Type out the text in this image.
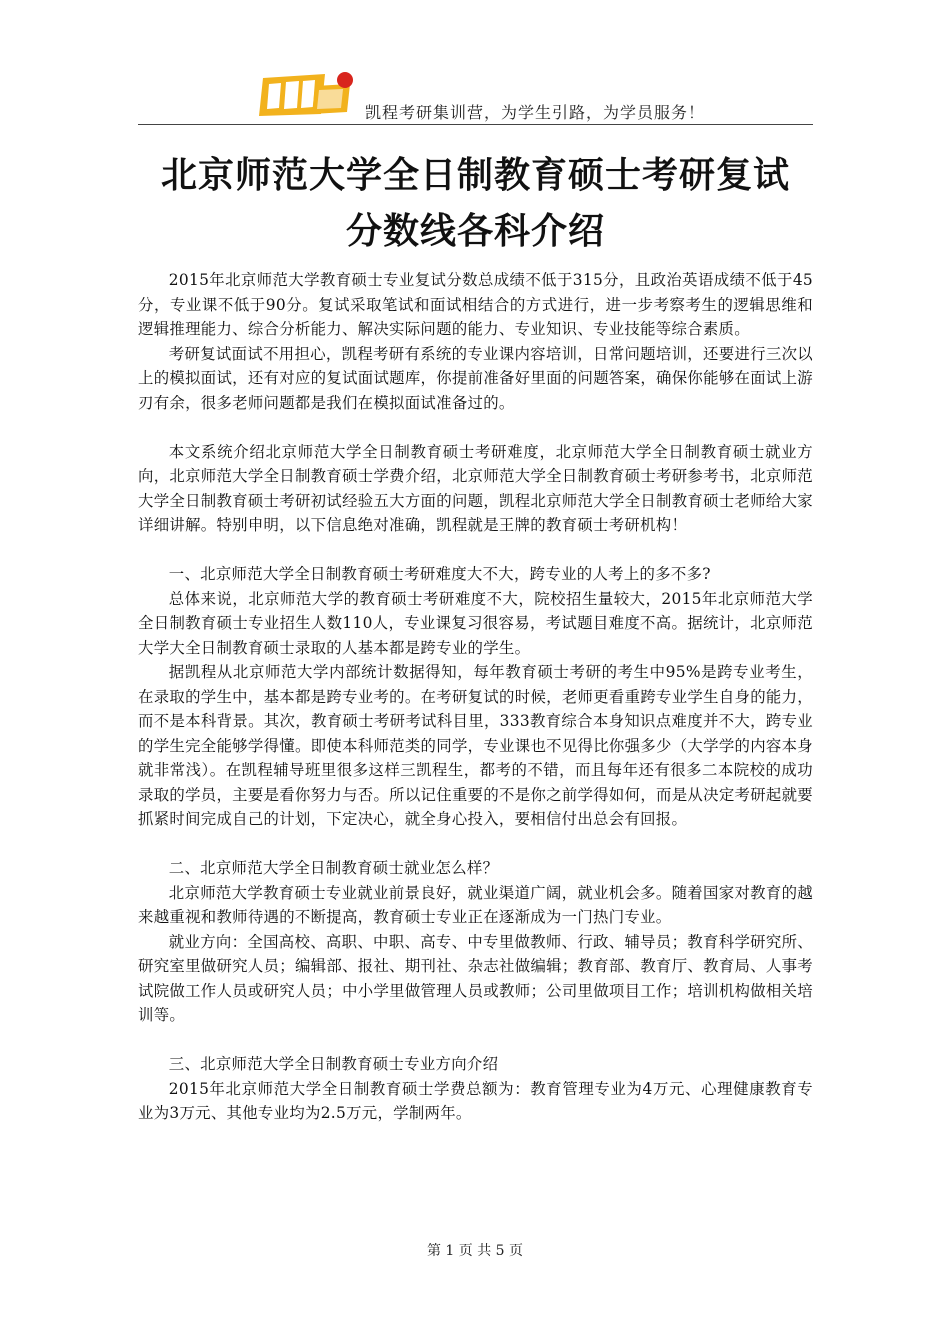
凯程考研集训营，为学生引路，为学员服务！
北京师范大学全日制教育硕士考研复试
分数线各科介绍

2015年北京师范大学教育硕士专业复试分数总成绩不低于315分，且政治英语成绩不低于45分，专业课不低于90分。复试采取笔试和面试相结合的方式进行，进一步考察考生的逻辑思维和逻辑推理能力、综合分析能力、解决实际问题的能力、专业知识、专业技能等综合素质。

考研复试面试不用担心，凯程考研有系统的专业课内容培训，日常问题培训，还要进行三次以上的模拟面试，还有对应的复试面试题库，你提前准备好里面的问题答案，确保你能够在面试上游刃有余，很多老师问题都是我们在模拟面试准备过的。

本文系统介绍北京师范大学全日制教育硕士考研难度，北京师范大学全日制教育硕士就业方向，北京师范大学全日制教育硕士学费介绍，北京师范大学全日制教育硕士考研参考书，北京师范大学全日制教育硕士考研初试经验五大方面的问题，凯程北京师范大学全日制教育硕士老师给大家详细讲解。特别申明，以下信息绝对准确，凯程就是王牌的教育硕士考研机构！

一、北京师范大学全日制教育硕士考研难度大不大，跨专业的人考上的多不多?

总体来说，北京师范大学的教育硕士考研难度不大，院校招生量较大，2015年北京师范大学全日制教育硕士专业招生人数110人，专业课复习很容易，考试题目难度不高。据统计，北京师范大学大全日制教育硕士录取的人基本都是跨专业的学生。

据凯程从北京师范大学内部统计数据得知，每年教育硕士考研的考生中95%是跨专业考生，在录取的学生中，基本都是跨专业考的。在考研复试的时候，老师更看重跨专业学生自身的能力，而不是本科背景。其次，教育硕士考研考试科目里，333教育综合本身知识点难度并不大，跨专业的学生完全能够学得懂。即使本科师范类的同学，专业课也不见得比你强多少（大学学的内容本身就非常浅）。在凯程辅导班里很多这样三凯程生，都考的不错，而且每年还有很多二本院校的成功录取的学员，主要是看你努力与否。所以记住重要的不是你之前学得如何，而是从决定考研起就要抓紧时间完成自己的计划，下定决心，就全身心投入，要相信付出总会有回报。

二、北京师范大学全日制教育硕士就业怎么样？

北京师范大学教育硕士专业就业前景良好，就业渠道广阔，就业机会多。随着国家对教育的越来越重视和教师待遇的不断提高，教育硕士专业正在逐渐成为一门热门专业。

就业方向：全国高校、高职、中职、高专、中专里做教师、行政、辅导员；教育科学研究所、研究室里做研究人员；编辑部、报社、期刊社、杂志社做编辑；教育部、教育厅、教育局、人事考试院做工作人员或研究人员；中小学里做管理人员或教师；公司里做项目工作；培训机构做相关培训等。

三、北京师范大学全日制教育硕士专业方向介绍

2015年北京师范大学全日制教育硕士学费总额为：教育管理专业为4万元、心理健康教育专业为3万元、其他专业均为2.5万元，学制两年。

第 1 页 共 5 页
